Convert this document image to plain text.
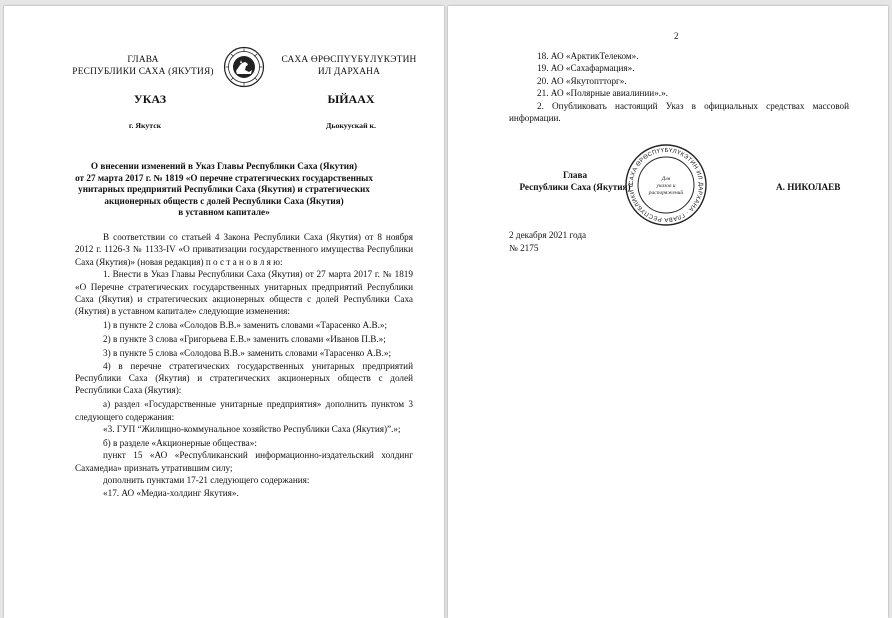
ГЛАВА
РЕСПУБЛИКИ САХА (ЯКУТИЯ)
САХА ӨРӨСПҮҮБҮЛҮКЭТИН
ИЛ ДАРХАНА
УКАЗ	ЫЙААХ
г. Якутск	Дьокуускай к.
О внесении изменений в Указ Главы Республики Саха (Якутия)
от 27 марта 2017 г. № 1819 «О перечне стратегических государственных
унитарных предприятий Республики Саха (Якутия) и стратегических
акционерных обществ с долей Республики Саха (Якутия)
в уставном капитале»

В соответствии со статьей 4 Закона Республики Саха (Якутия) от 8 ноября 2012 г. 1126-З № 1133-IV «О приватизации государственного имущества Республики Саха (Якутия)» (новая редакция) п о с т а н о в л я ю:

1. Внести в Указ Главы Республики Саха (Якутия) от 27 марта 2017 г. № 1819 «О Перечне стратегических государственных унитарных предприятий Республики Саха (Якутия) и стратегических акционерных обществ с долей Республики Саха (Якутия) в уставном капитале» следующие изменения:

1) в пункте 2 слова «Солодов В.В.» заменить словами «Тарасенко А.В.»;

2) в пункте 3 слова «Григорьева Е.В.» заменить словами «Иванов П.В.»;

3) в пункте 5 слова «Солодова В.В.» заменить словами «Тарасенко А.В.»;

4) в перечне стратегических государственных унитарных предприятий Республики Саха (Якутия) и стратегических акционерных обществ с долей Республики Саха (Якутия):

а) раздел «Государственные унитарные предприятия» дополнить пунктом 3 следующего содержания:

«3. ГУП “Жилищно-коммунальное хозяйство Республики Саха (Якутия)”.»;

б) в разделе «Акционерные общества»:

пункт 15 «АО «Республиканский информационно-издательский холдинг Сахамедиа» признать утратившим силу;

дополнить пунктами 17-21 следующего содержания:

«17. АО «Медиа-холдинг Якутия».

2

18. АО «АрктикТелеком».

19. АО «Сахафармация».

20. АО «Якутоптторг».

21. АО «Полярные авиалинии».».

2. Опубликовать настоящий Указ в официальных средствах массовой информации.

САХА ӨРӨСПҮҮБҮЛҮКЭТИН ИЛ ДАРХАНА · ГЛАВА РЕСПУБЛИКИ С
Для
указов и
распоряжений
Глава
Республики Саха (Якутия)	А. НИКОЛАЕВ
2 декабря 2021 года
№ 2175
